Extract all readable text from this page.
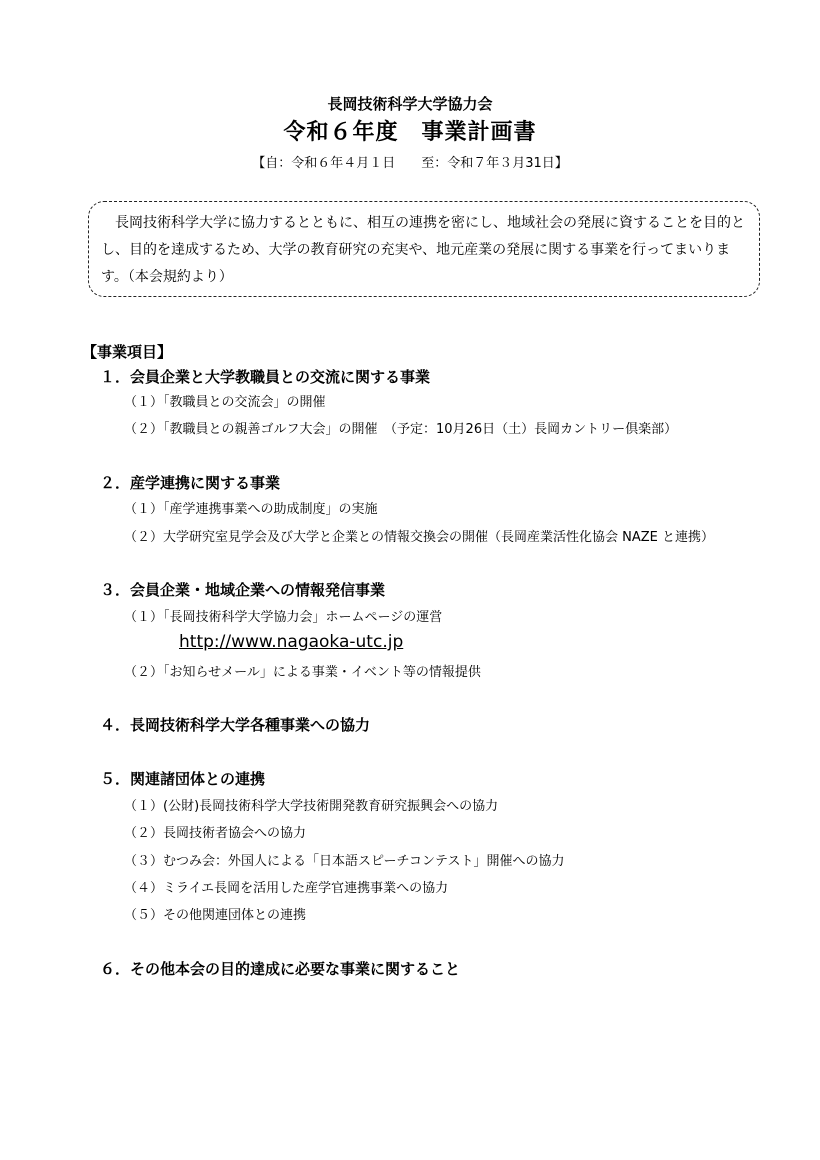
長岡技術科学大学協力会
令和６年度　事業計画書
【自：令和６年４月１日　　至：令和７年３月31日】

長岡技術科学大学に協力するとともに、相互の連携を密にし、地域社会の発展に資することを目的とし、目的を達成するため、大学の教育研究の充実や、地元産業の発展に関する事業を行ってまいります。（本会規約より）

【事業項目】
１．会員企業と大学教職員との交流に関する事業
（１）「教職員との交流会」の開催
（２）「教職員との親善ゴルフ大会」の開催　（予定：10月26日（土）長岡カントリー倶楽部）
２．産学連携に関する事業
（１）「産学連携事業への助成制度」の実施
（２）大学研究室見学会及び大学と企業との情報交換会の開催（長岡産業活性化協会 NAZE と連携）
３．会員企業・地域企業への情報発信事業
（１）「長岡技術科学大学協力会」ホームページの運営
http://www.nagaoka-utc.jp
（２）「お知らせメール」による事業・イベント等の情報提供
４．長岡技術科学大学各種事業への協力
５．関連諸団体との連携
（１）(公財)長岡技術科学大学技術開発教育研究振興会への協力
（２）長岡技術者協会への協力
（３）むつみ会：外国人による「日本語スピーチコンテスト」開催への協力
（４）ミライエ長岡を活用した産学官連携事業への協力
（５）その他関連団体との連携
６．その他本会の目的達成に必要な事業に関すること
